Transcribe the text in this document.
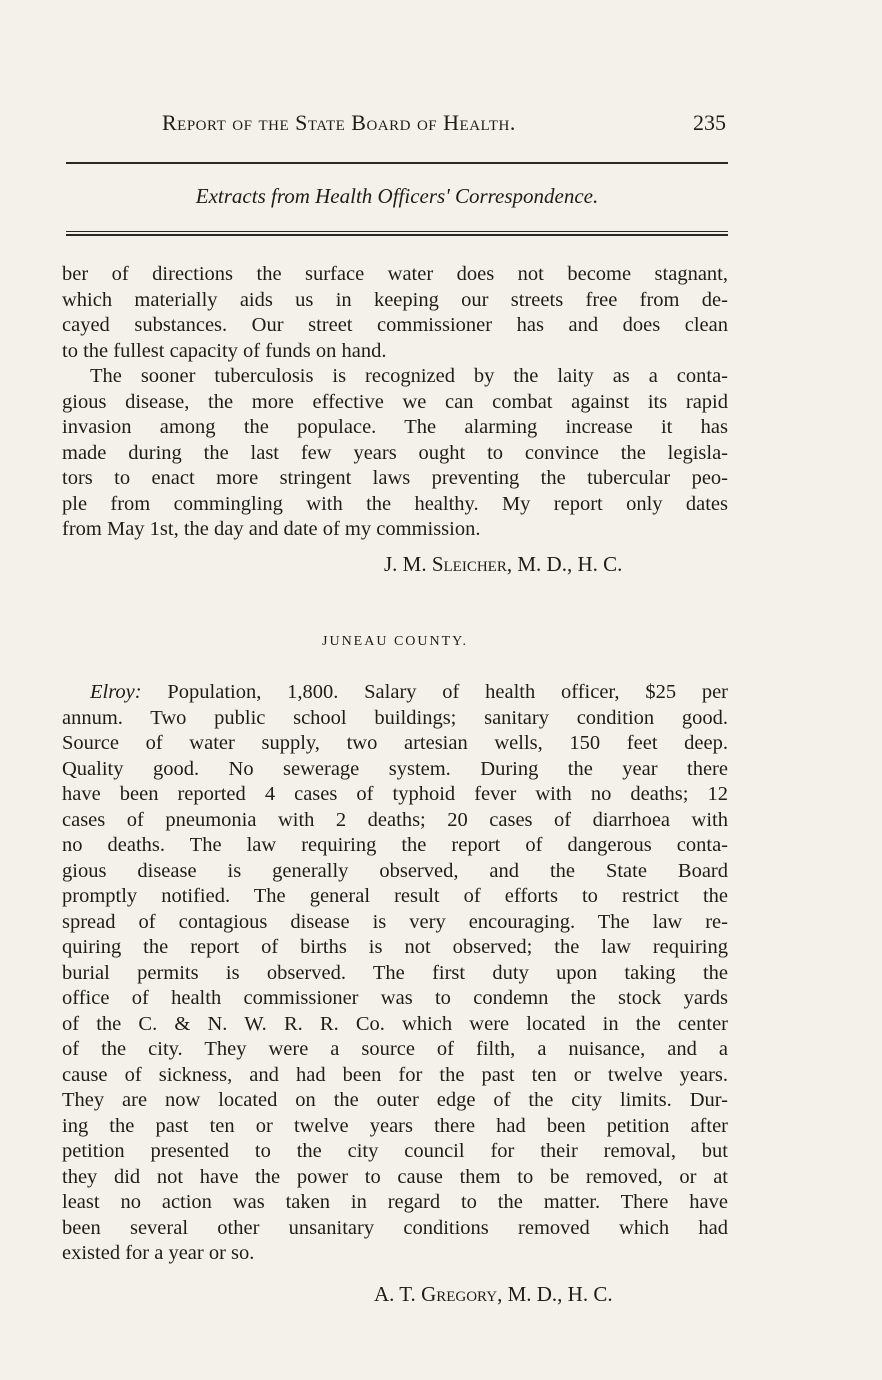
Report of the State Board of Health.	235
Extracts from Health Officers' Correspondence.
ber of directions the surface water does not become stagnant,
which materially aids us in keeping our streets free from de-
cayed substances. Our street commissioner has and does clean
to the fullest capacity of funds on hand.
The sooner tuberculosis is recognized by the laity as a conta-
gious disease, the more effective we can combat against its rapid
invasion among the populace. The alarming increase it has
made during the last few years ought to convince the legisla-
tors to enact more stringent laws preventing the tubercular peo-
ple from commingling with the healthy. My report only dates
from May 1st, the day and date of my commission.
J. M. Sleicher, M. D., H. C.
JUNEAU COUNTY.
Elroy: Population, 1,800. Salary of health officer, $25 per
annum. Two public school buildings; sanitary condition good.
Source of water supply, two artesian wells, 150 feet deep.
Quality good. No sewerage system. During the year there
have been reported 4 cases of typhoid fever with no deaths; 12
cases of pneumonia with 2 deaths; 20 cases of diarrhoea with
no deaths. The law requiring the report of dangerous conta-
gious disease is generally observed, and the State Board
promptly notified. The general result of efforts to restrict the
spread of contagious disease is very encouraging. The law re-
quiring the report of births is not observed; the law requiring
burial permits is observed. The first duty upon taking the
office of health commissioner was to condemn the stock yards
of the C. & N. W. R. R. Co. which were located in the center
of the city. They were a source of filth, a nuisance, and a
cause of sickness, and had been for the past ten or twelve years.
They are now located on the outer edge of the city limits. Dur-
ing the past ten or twelve years there had been petition after
petition presented to the city council for their removal, but
they did not have the power to cause them to be removed, or at
least no action was taken in regard to the matter. There have
been several other unsanitary conditions removed which had
existed for a year or so.
A. T. Gregory, M. D., H. C.
